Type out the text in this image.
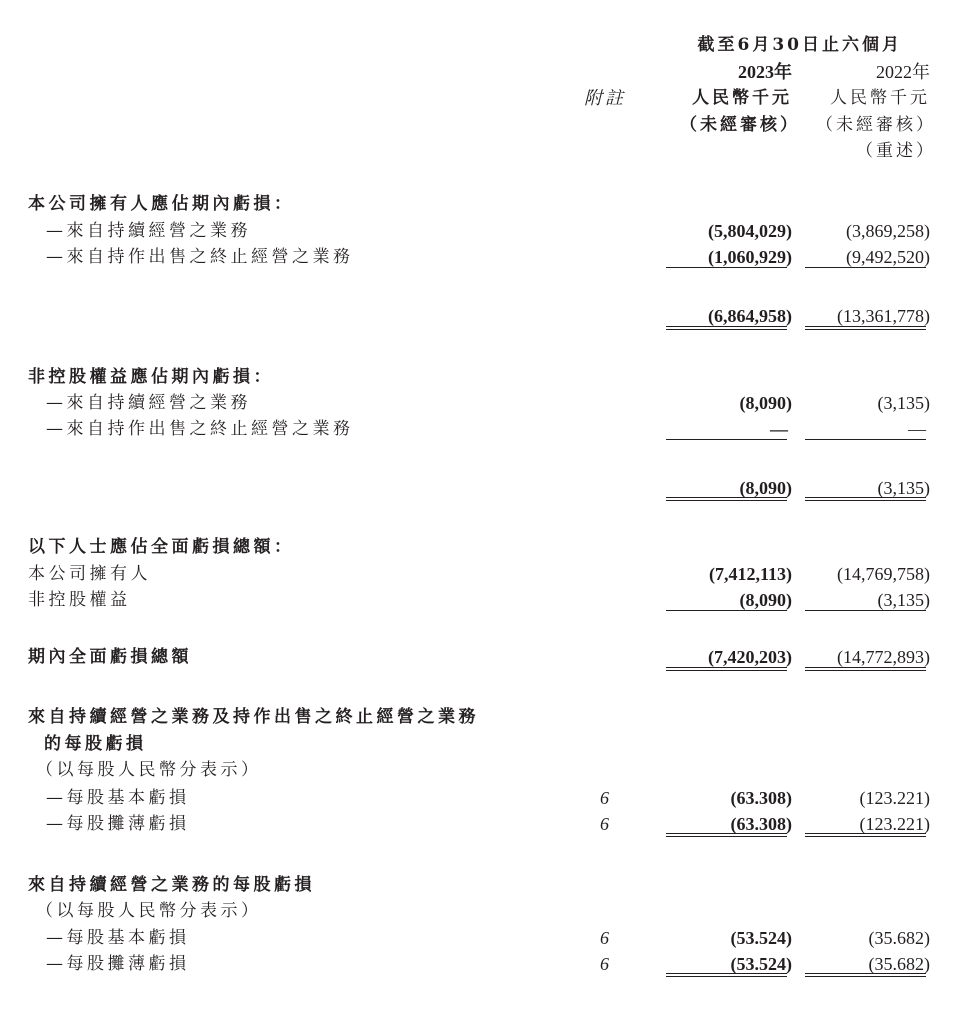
截至6月30日止六個月
2023年	2022年
附註	人民幣千元 人民幣千元
（未經審核） （未經審核）
（重述）
本公司擁有人應佔期內虧損：
—來自持續經營之業務	(5,804,029)	(3,869,258)
—來自持作出售之終止經營之業務	(1,060,929)	(9,492,520)
(6,864,958)	(13,361,778)
非控股權益應佔期內虧損：
—來自持續經營之業務	(8,090)	(3,135)
—來自持作出售之終止經營之業務	—	—
(8,090)	(3,135)
以下人士應佔全面虧損總額：
本公司擁有人	(7,412,113)	(14,769,758)
非控股權益	(8,090)	(3,135)
期內全面虧損總額	(7,420,203)	(14,772,893)
來自持續經營之業務及持作出售之終止經營之業務
的每股虧損
（以每股人民幣分表示）
—每股基本虧損	6	(63.308)	(123.221)
—每股攤薄虧損	6	(63.308)	(123.221)
來自持續經營之業務的每股虧損
（以每股人民幣分表示）
—每股基本虧損	6	(53.524)	(35.682)
—每股攤薄虧損	6	(53.524)	(35.682)
